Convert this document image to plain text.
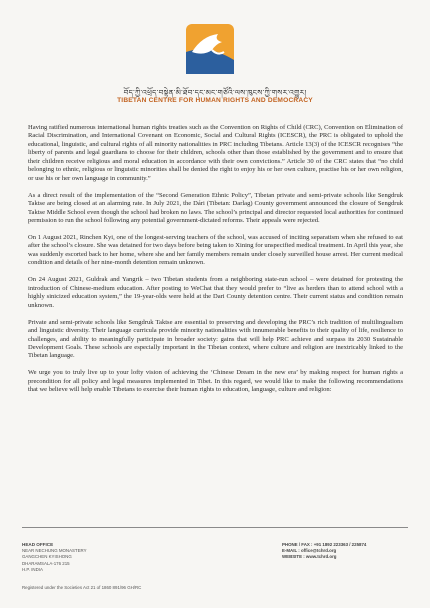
བོད་ཀྱི་འཕྲོད་བསྟེན་མི་ཐོབ་དང་མང་གཙོའི་ལས་ཁུངས་ཀྱི་གསར་འགྱུར།
TIBETAN CENTRE FOR HUMAN RIGHTS AND DEMOCRACY

Having ratified numerous international human rights treaties such as the Convention on Rights of Child (CRC), Convention on Elimination of Racial Discrimination, and International Covenant on Economic, Social and Cultural Rights (ICESCR), the PRC is obligated to uphold the educational, linguistic, and cultural rights of all minority nationalities in PRC including Tibetans. Article 13(3) of the ICESCR recognises “the liberty of parents and legal guardians to choose for their children, schools other than those established by the government and to ensure that their children receive religious and moral education in accordance with their own convictions.” Article 30 of the CRC states that “no child belonging to ethnic, religious or linguistic minorities shall be denied the right to enjoy his or her own culture, practise his or her own religion, or use his or her own language in community.”

As a direct result of the implementation of the “Second Generation Ethnic Policy”, Tibetan private and semi-private schools like Sengdruk Taktse are being closed at an alarming rate. In July 2021, the Dári (Tibetan: Darlag) County government announced the closure of Sengdruk Taktse Middle School even though the school had broken no laws. The school’s principal and director requested local authorities for continued permission to run the school following any potential government-dictated reforms. Their appeals were rejected.

On 1 August 2021, Rinchen Kyi, one of the longest-serving teachers of the school, was accused of inciting separatism when she refused to eat after the school’s closure. She was detained for two days before being taken to Xining for unspecified medical treatment. In April this year, she was suddenly escorted back to her home, where she and her family members remain under closely surveilled house arrest. Her current medical condition and details of her nine-month detention remain unknown.

On 24 August 2021, Guldrak and Yangrik – two Tibetan students from a neighboring state-run school – were detained for protesting the introduction of Chinese-medium education. After posting to WeChat that they would prefer to “live as herders than to attend school with a highly sinicized education system,” the 19-year-olds were held at the Dari County detention centre. Their current status and condition remain unknown.

Private and semi-private schools like Sengdruk Taktse are essential to preserving and developing the PRC’s rich tradition of multilingualism and linguistic diversity. Their language curricula provide minority nationalities with innumerable benefits to their quality of life, resilience to challenges, and ability to meaningfully participate in broader society: gains that will help PRC achieve and surpass its 2030 Sustainable Development Goals. These schools are especially important in the Tibetan context, where culture and religion are inextricably linked to the Tibetan language.

We urge you to truly live up to your lofty vision of achieving the ‘Chinese Dream in the new era’ by making respect for human rights a precondition for all policy and legal measures implemented in Tibet. In this regard, we would like to make the following recommendations that we believe will help enable Tibetans to exercise their human rights to education, language, culture and religion:

HEAD OFFICE
NEAR NECHUNG MONASTERY
GANGCHEN KYISHONG
DHARAMSALA-176 215
H.P. INDIA
PHONE / FAX : +91 1892 223363 / 225874
E-MAIL : office@tchrd.org
WEBSITE : www.tchrd.org
Registered under the Societies Act 21 of 1860 891/96 GH/RC
